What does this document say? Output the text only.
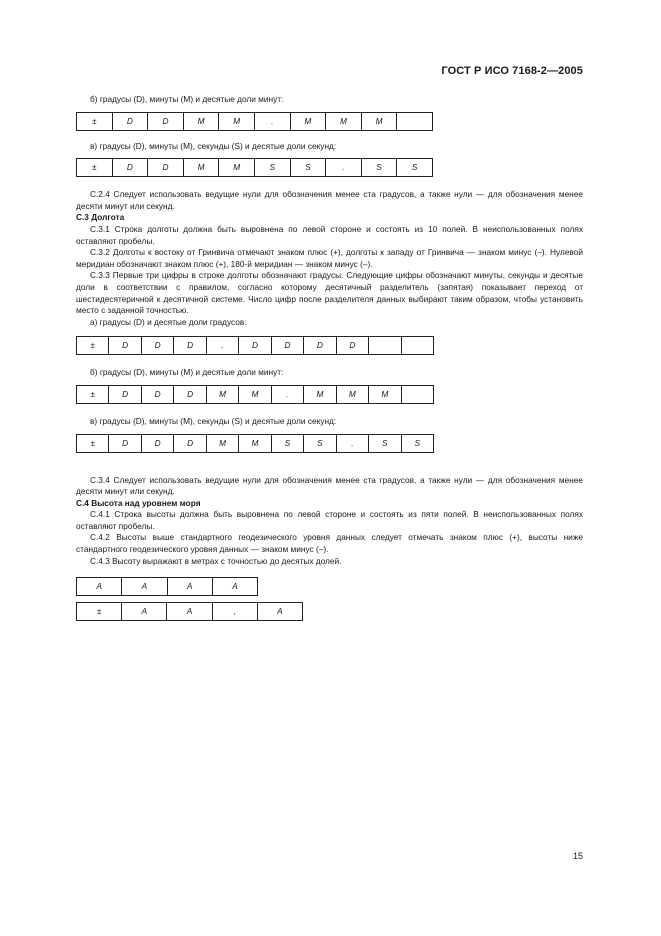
ГОСТ Р ИСО 7168-2—2005

б) градусы (D), минуты (M) и десятые доли минут:

±	D	D	M	M	.	M	M	M	

в) градусы (D), минуты (M), секунды (S) и десятые доли секунд:

±	D	D	M	M	S	S	.	S	S

С.2.4 Следует использовать ведущие нули для обозначения менее ста градусов, а также нули — для обозначения менее десяти минут или секунд.

С.3 Долгота

С.3.1 Строка долготы должна быть выровнена по левой стороне и состоять из 10 полей. В неиспользованных полях оставляют пробелы.

С.3.2 Долготы к востоку от Гринвича отмечают знаком плюс (+), долготы к западу от Гринвича — знаком минус (–). Нулевой меридиан обозначают знаком плюс (+), 180-й меридиан — знаком минус (–).

С.3.3 Первые три цифры в строке долготы обозначают градусы. Следующие цифры обозначают минуты, секунды и десятые доли в соответствии с правилом, согласно которому десятичный разделитель (запятая) показывает переход от шестидесятеричной к десятичной системе. Число цифр после разделителя данных выбирают таким образом, чтобы установить место с заданной точностью.

а) градусы (D) и десятые доли градусов:

±	D	D	D	.	D	D	D	D		

б) градусы (D), минуты (M) и десятые доли минут:

±	D	D	D	M	M	.	M	M	M	

в) градусы (D), минуты (M), секунды (S) и десятые доли секунд:

±	D	D	D	M	M	S	S	.	S	S

С.3.4 Следует использовать ведущие нули для обозначения менее ста градусов, а также нули — для обозначения менее десяти минут или секунд.

С.4 Высота над уровнем моря

С.4.1 Строка высоты должна быть выровнена по левой стороне и состоять из пяти полей. В неиспользованных полях оставляют пробелы.

С.4.2 Высоты выше стандартного геодезического уровня данных следует отмечать знаком плюс (+), высоты ниже стандартного геодезического уровня данных — знаком минус (–).

С.4.3 Высоту выражают в метрах с точностью до десятых долей.

A	A	A	A
±	A	A	,	A
15
